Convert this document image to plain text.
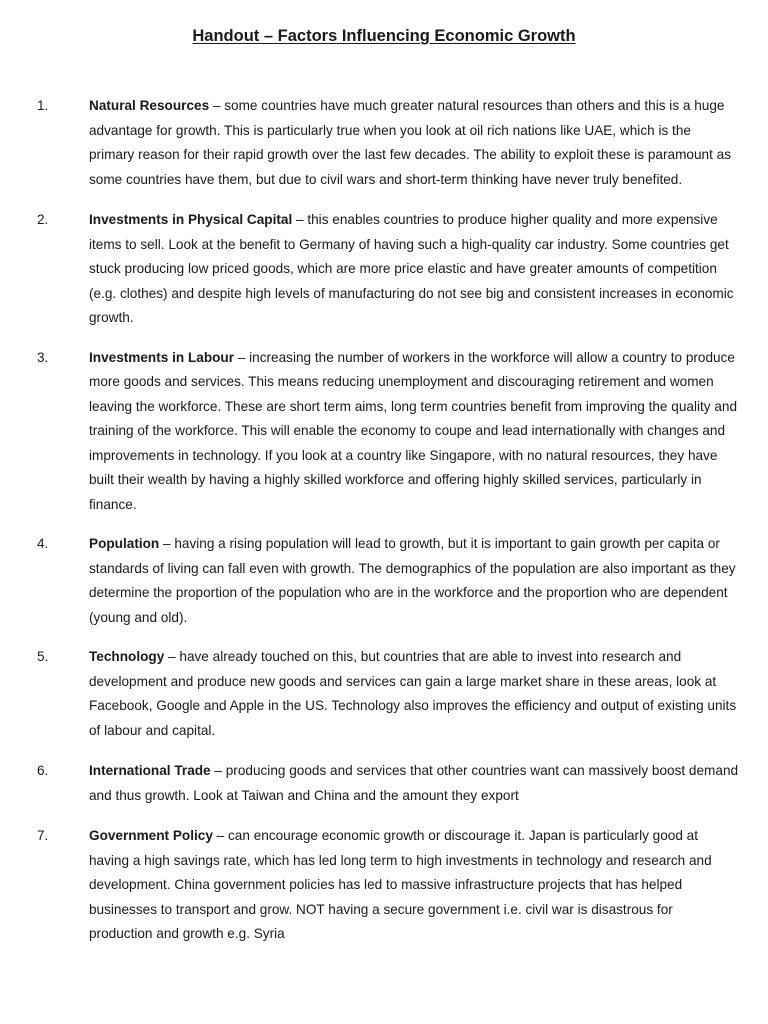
Handout – Factors Influencing Economic Growth
1.	Natural Resources – some countries have much greater natural resources than others and this is a huge advantage for growth. This is particularly true when you look at oil rich nations like UAE, which is the primary reason for their rapid growth over the last few decades. The ability to exploit these is paramount as some countries have them, but due to civil wars and short-term thinking have never truly benefited.
2.	Investments in Physical Capital – this enables countries to produce higher quality and more expensive items to sell. Look at the benefit to Germany of having such a high-quality car industry. Some countries get stuck producing low priced goods, which are more price elastic and have greater amounts of competition (e.g. clothes) and despite high levels of manufacturing do not see big and consistent increases in economic growth.
3.	Investments in Labour – increasing the number of workers in the workforce will allow a country to produce more goods and services. This means reducing unemployment and discouraging retirement and women leaving the workforce. These are short term aims, long term countries benefit from improving the quality and training of the workforce. This will enable the economy to coupe and lead internationally with changes and improvements in technology. If you look at a country like Singapore, with no natural resources, they have built their wealth by having a highly skilled workforce and offering highly skilled services, particularly in finance.
4.	Population – having a rising population will lead to growth, but it is important to gain growth per capita or standards of living can fall even with growth. The demographics of the population are also important as they determine the proportion of the population who are in the workforce and the proportion who are dependent (young and old).
5.	Technology – have already touched on this, but countries that are able to invest into research and development and produce new goods and services can gain a large market share in these areas, look at Facebook, Google and Apple in the US. Technology also improves the efficiency and output of existing units of labour and capital.
6.	International Trade – producing goods and services that other countries want can massively boost demand and thus growth. Look at Taiwan and China and the amount they export
7.	Government Policy – can encourage economic growth or discourage it. Japan is particularly good at having a high savings rate, which has led long term to high investments in technology and research and development. China government policies has led to massive infrastructure projects that has helped businesses to transport and grow. NOT having a secure government i.e. civil war is disastrous for production and growth e.g. Syria
